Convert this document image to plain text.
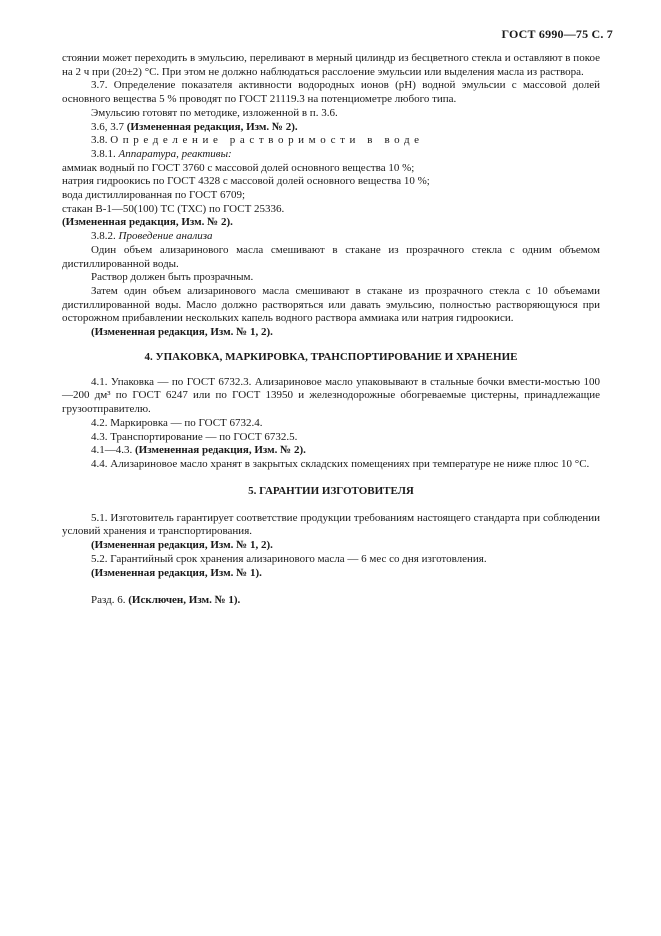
ГОСТ 6990—75 С. 7

стоянии может переходить в эмульсию, переливают в мерный цилиндр из бесцветного стекла и оставляют в покое на 2 ч при (20±2) °С. При этом не должно наблюдаться расслоение эмульсии или выделения масла из раствора.

3.7. Определение показателя активности водородных ионов (pH) водной эмульсии с массовой долей основного вещества 5 % проводят по ГОСТ 21119.3 на потенциометре любого типа.

Эмульсию готовят по методике, изложенной в п. 3.6.

3.6, 3.7 (Измененная редакция, Изм. № 2).

3.8. Определение растворимости в воде

3.8.1. Аппаратура, реактивы:

аммиак водный по ГОСТ 3760 с массовой долей основного вещества 10 %;

натрия гидроокись по ГОСТ 4328 с массовой долей основного вещества 10 %;

вода дистиллированная по ГОСТ 6709;

стакан В-1—50(100) ТС (ТХС) по ГОСТ 25336.

(Измененная редакция, Изм. № 2).

3.8.2. Проведение анализа

Один объем ализаринового масла смешивают в стакане из прозрачного стекла с одним объемом дистиллированной воды.

Раствор должен быть прозрачным.

Затем один объем ализаринового масла смешивают в стакане из прозрачного стекла с 10 объемами дистиллированной воды. Масло должно растворяться или давать эмульсию, полностью растворяющуюся при осторожном прибавлении нескольких капель водного раствора аммиака или натрия гидроокиси.

(Измененная редакция, Изм. № 1, 2).

4. УПАКОВКА, МАРКИРОВКА, ТРАНСПОРТИРОВАНИЕ И ХРАНЕНИЕ

4.1. Упаковка — по ГОСТ 6732.3. Ализариновое масло упаковывают в стальные бочки вмести-мостью 100—200 дм³ по ГОСТ 6247 или по ГОСТ 13950 и железнодорожные обогреваемые цистерны, принадлежащие грузоотправителю.

4.2. Маркировка — по ГОСТ 6732.4.

4.3. Транспортирование — по ГОСТ 6732.5.

4.1—4.3. (Измененная редакция, Изм. № 2).

4.4. Ализариновое масло хранят в закрытых складских помещениях при температуре не ниже плюс 10 °С.

5. ГАРАНТИИ ИЗГОТОВИТЕЛЯ

5.1. Изготовитель гарантирует соответствие продукции требованиям настоящего стандарта при соблюдении условий хранения и транспортирования.

(Измененная редакция, Изм. № 1, 2).

5.2. Гарантийный срок хранения ализаринового масла — 6 мес со дня изготовления.

(Измененная редакция, Изм. № 1).

Разд. 6. (Исключен, Изм. № 1).
